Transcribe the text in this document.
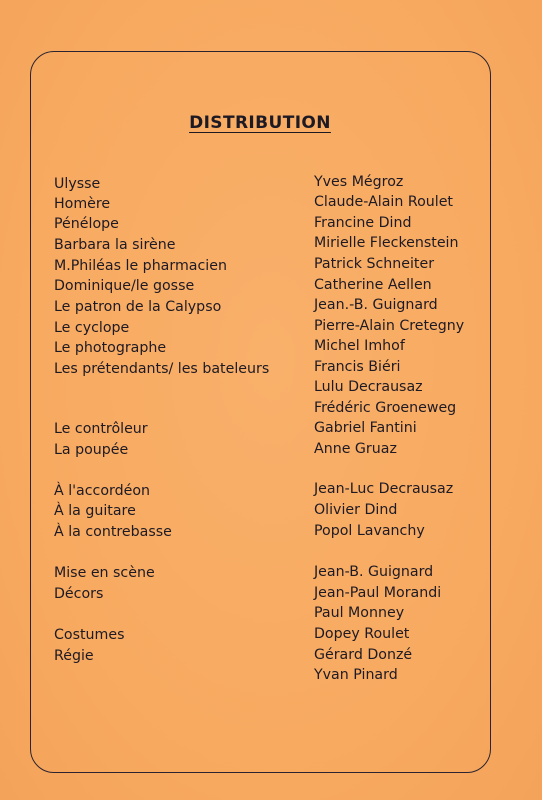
DISTRIBUTION
Ulysse	Yves Mégroz
Homère	Claude-Alain Roulet
Pénélope	Francine Dind
Barbara la sirène	Mirielle Fleckenstein
M.Philéas le pharmacien	Patrick Schneiter
Dominique/le gosse	Catherine Aellen
Le patron de la Calypso	Jean.-B. Guignard
Le cyclope	Pierre-Alain Cretegny
Le photographe	Michel Imhof
Les prétendants/ les bateleurs	Francis Biéri
Lulu Decrausaz
Frédéric Groeneweg
Le contrôleur	Gabriel Fantini
La poupée	Anne Gruaz
À l'accordéon	Jean-Luc Decrausaz
À la guitare	Olivier Dind
À la contrebasse	Popol Lavanchy
Mise en scène	Jean-B. Guignard
Décors	Jean-Paul Morandi
Paul Monney
Costumes	Dopey Roulet
Régie	Gérard Donzé
Yvan Pinard
